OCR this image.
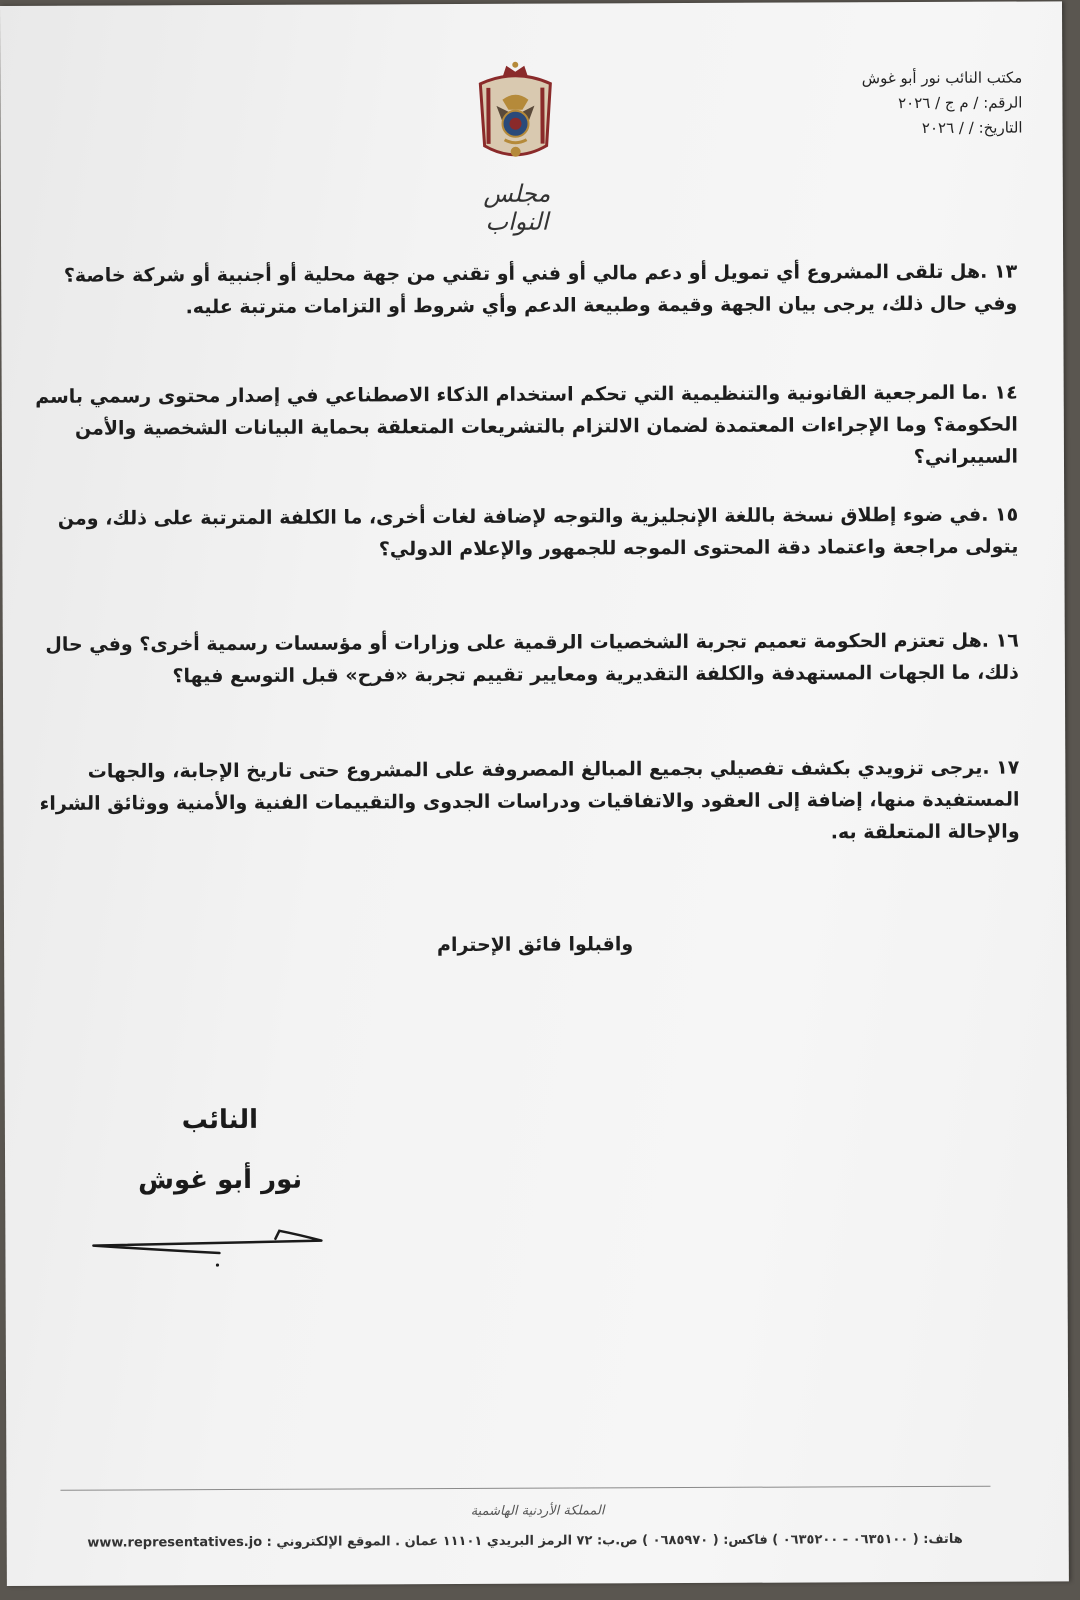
مكتب النائب نور أبو غوش
الرقم: / م ج / ٢٠٢٦
التاريخ: / / ٢٠٢٦
مجلس النواب
١٣ .هل تلقى المشروع أي تمويل أو دعم مالي أو فني أو تقني من جهة محلية أو أجنبية أو شركة خاصة؟ وفي حال ذلك، يرجى بيان الجهة وقيمة وطبيعة الدعم وأي شروط أو التزامات مترتبة عليه.
١٤ .ما المرجعية القانونية والتنظيمية التي تحكم استخدام الذكاء الاصطناعي في إصدار محتوى رسمي باسم الحكومة؟ وما الإجراءات المعتمدة لضمان الالتزام بالتشريعات المتعلقة بحماية البيانات الشخصية والأمن السيبراني؟
١٥ .في ضوء إطلاق نسخة باللغة الإنجليزية والتوجه لإضافة لغات أخرى، ما الكلفة المترتبة على ذلك، ومن يتولى مراجعة واعتماد دقة المحتوى الموجه للجمهور والإعلام الدولي؟
١٦ .هل تعتزم الحكومة تعميم تجربة الشخصيات الرقمية على وزارات أو مؤسسات رسمية أخرى؟ وفي حال ذلك، ما الجهات المستهدفة والكلفة التقديرية ومعايير تقييم تجربة «فرح» قبل التوسع فيها؟
١٧ .يرجى تزويدي بكشف تفصيلي بجميع المبالغ المصروفة على المشروع حتى تاريخ الإجابة، والجهات المستفيدة منها، إضافة إلى العقود والاتفاقيات ودراسات الجدوى والتقييمات الفنية والأمنية ووثائق الشراء والإحالة المتعلقة به.
واقبلوا فائق الإحترام
النائب
نور أبو غوش
المملكة الأردنية الهاشمية
هاتف: ( ٠٦٣٥١٠٠ - ٠٦٣٥٢٠٠ ) فاكس: ( ٠٦٨٥٩٧٠ ) ص.ب: ٧٢ الرمز البريدي ١١١٠١ عمان . الموقع الإلكتروني : www.representatives.jo
